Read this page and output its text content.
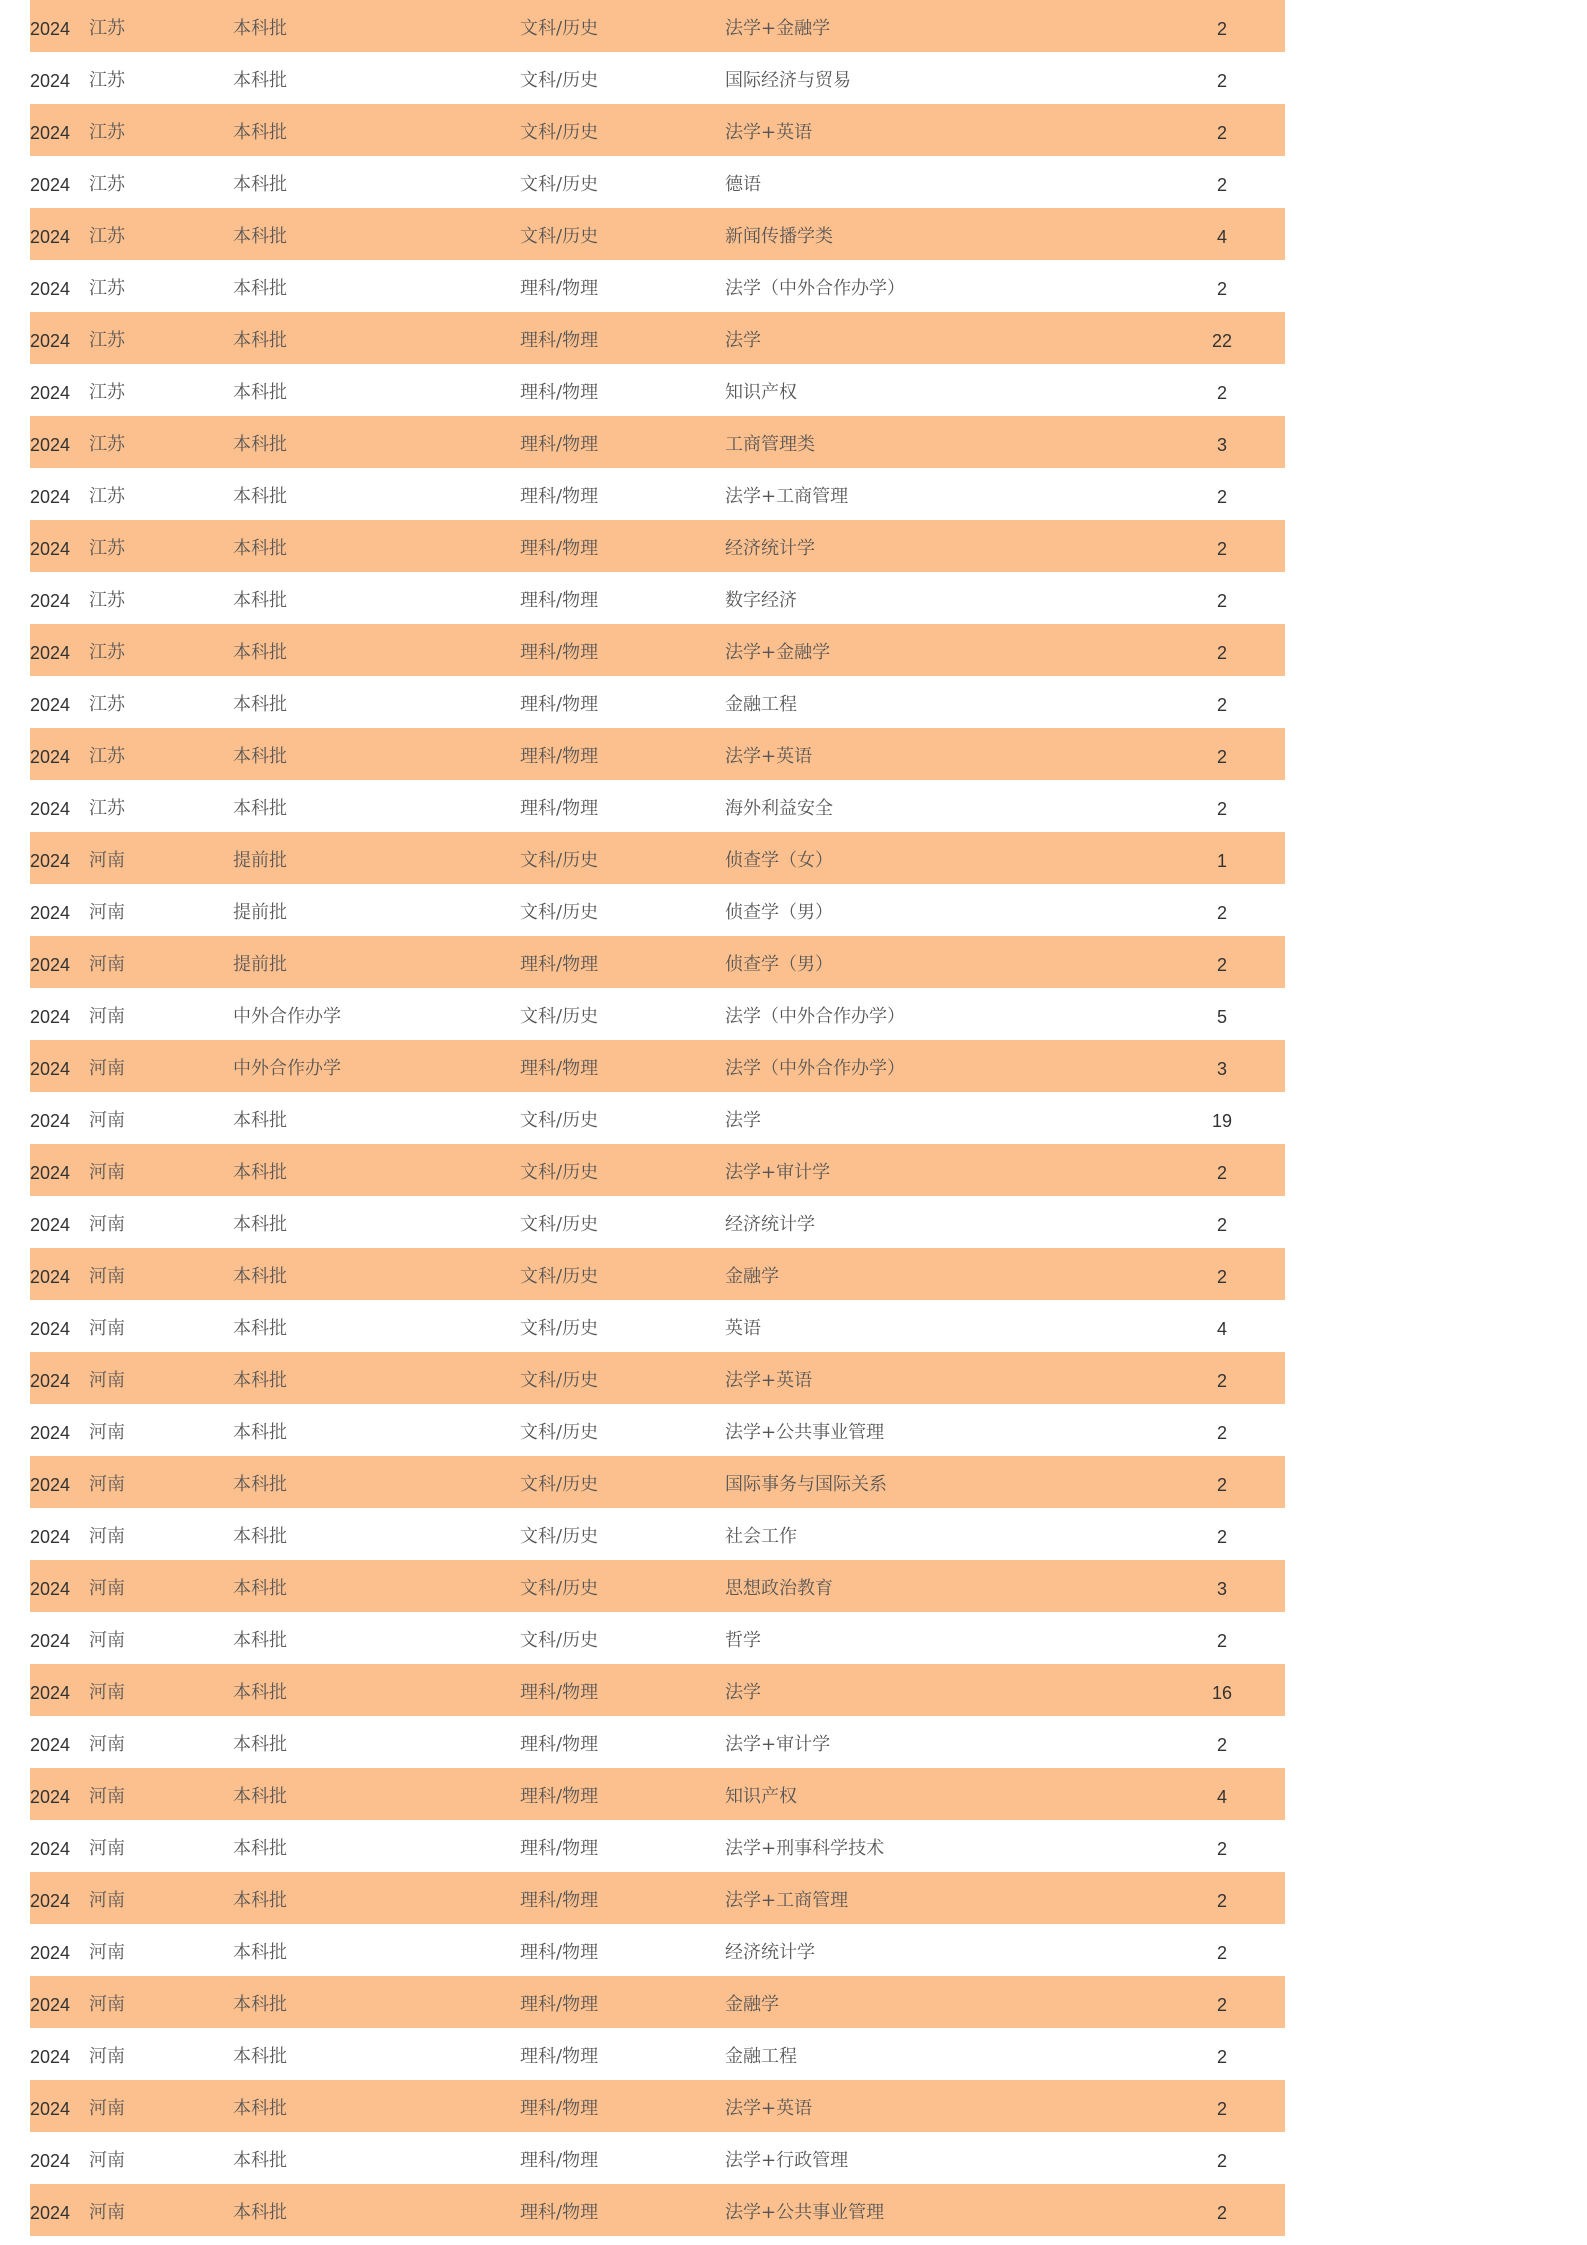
2024 江苏	本科批	文科/历史	法学+金融学	2
2024 江苏	本科批	文科/历史	国际经济与贸易	2
2024 江苏	本科批	文科/历史	法学+英语	2
2024 江苏	本科批	文科/历史	德语	2
2024 江苏	本科批	文科/历史	新闻传播学类	4
2024 江苏	本科批	理科/物理	法学（中外合作办学）	2
2024 江苏	本科批	理科/物理	法学	22
2024 江苏	本科批	理科/物理	知识产权	2
2024 江苏	本科批	理科/物理	工商管理类	3
2024 江苏	本科批	理科/物理	法学+工商管理	2
2024 江苏	本科批	理科/物理	经济统计学	2
2024 江苏	本科批	理科/物理	数字经济	2
2024 江苏	本科批	理科/物理	法学+金融学	2
2024 江苏	本科批	理科/物理	金融工程	2
2024 江苏	本科批	理科/物理	法学+英语	2
2024 江苏	本科批	理科/物理	海外利益安全	2
2024 河南	提前批	文科/历史	侦查学（女）	1
2024 河南	提前批	文科/历史	侦查学（男）	2
2024 河南	提前批	理科/物理	侦查学（男）	2
2024 河南	中外合作办学	文科/历史	法学（中外合作办学）	5
2024 河南	中外合作办学	理科/物理	法学（中外合作办学）	3
2024 河南	本科批	文科/历史	法学	19
2024 河南	本科批	文科/历史	法学+审计学	2
2024 河南	本科批	文科/历史	经济统计学	2
2024 河南	本科批	文科/历史	金融学	2
2024 河南	本科批	文科/历史	英语	4
2024 河南	本科批	文科/历史	法学+英语	2
2024 河南	本科批	文科/历史	法学+公共事业管理	2
2024 河南	本科批	文科/历史	国际事务与国际关系	2
2024 河南	本科批	文科/历史	社会工作	2
2024 河南	本科批	文科/历史	思想政治教育	3
2024 河南	本科批	文科/历史	哲学	2
2024 河南	本科批	理科/物理	法学	16
2024 河南	本科批	理科/物理	法学+审计学	2
2024 河南	本科批	理科/物理	知识产权	4
2024 河南	本科批	理科/物理	法学+刑事科学技术	2
2024 河南	本科批	理科/物理	法学+工商管理	2
2024 河南	本科批	理科/物理	经济统计学	2
2024 河南	本科批	理科/物理	金融学	2
2024 河南	本科批	理科/物理	金融工程	2
2024 河南	本科批	理科/物理	法学+英语	2
2024 河南	本科批	理科/物理	法学+行政管理	2
2024 河南	本科批	理科/物理	法学+公共事业管理	2
